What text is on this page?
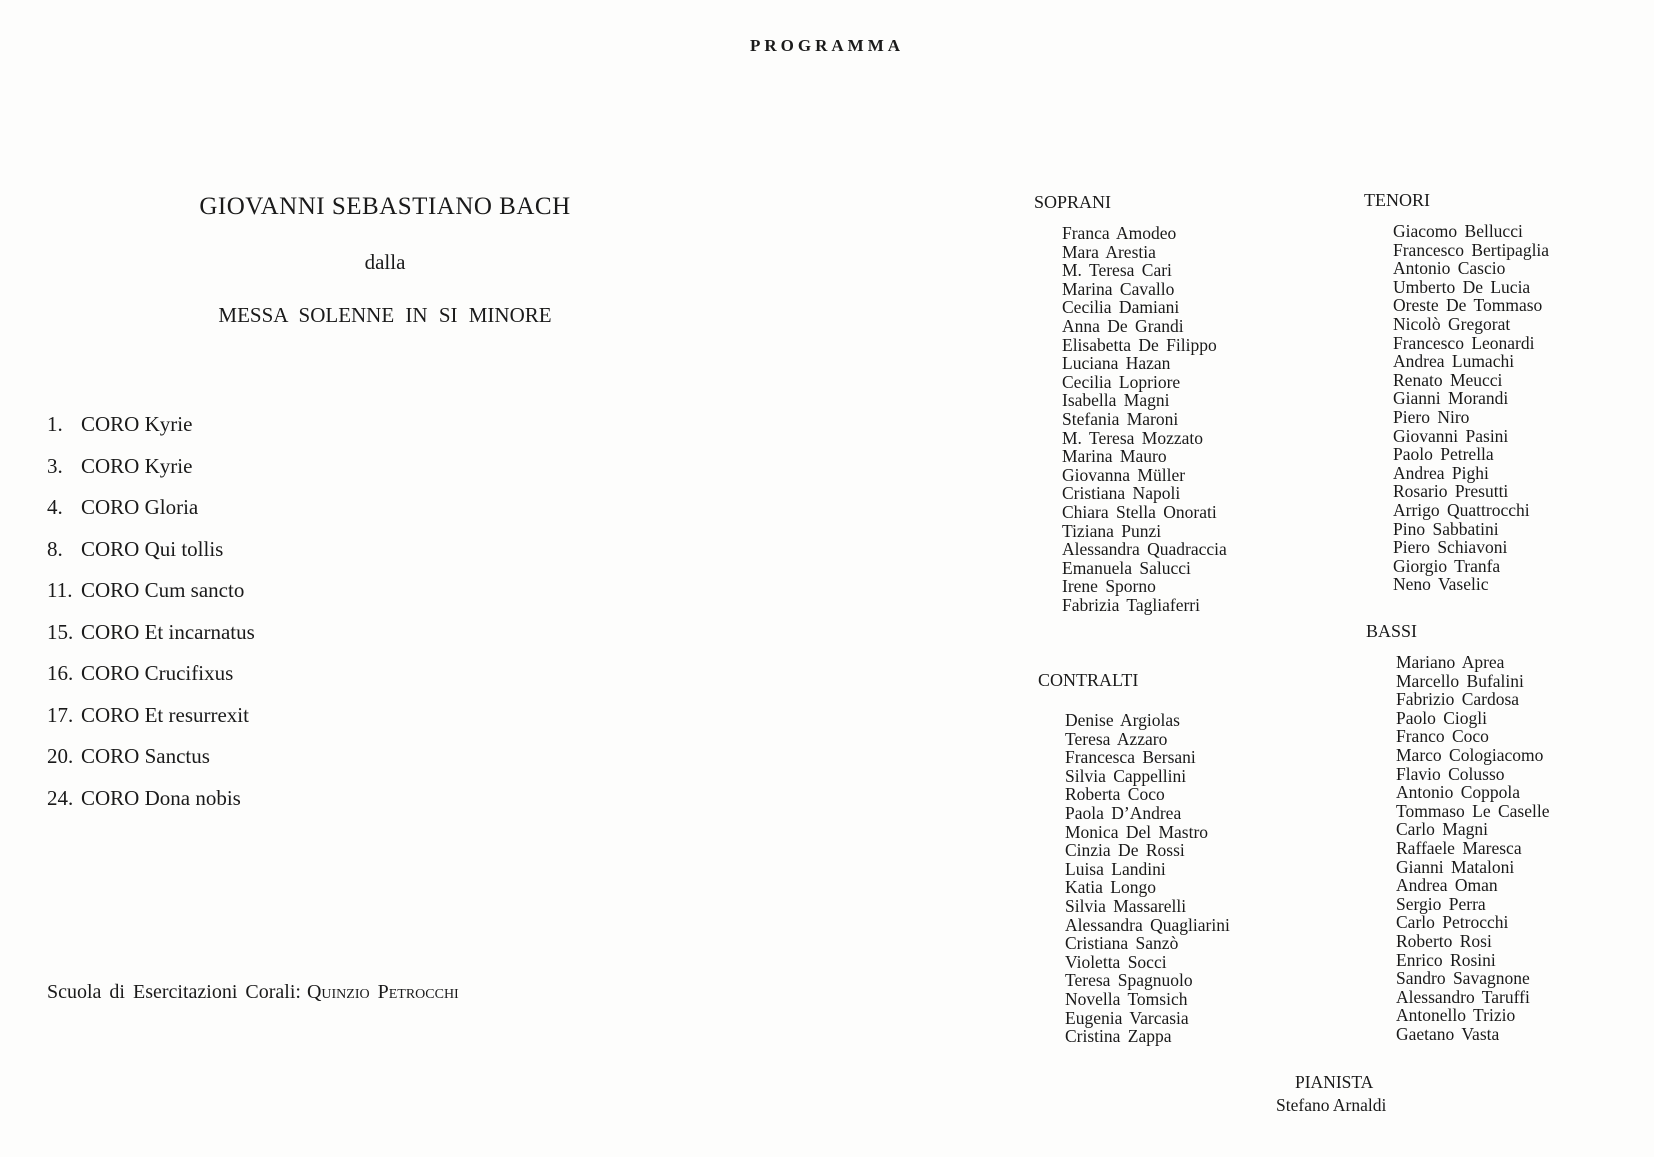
PROGRAMMA
GIOVANNI SEBASTIANO BACH
dalla
MESSA SOLENNE IN SI MINORE
1. CORO Kyrie
3. CORO Kyrie
4. CORO Gloria
8. CORO Qui tollis
11. CORO Cum sancto
15. CORO Et incarnatus
16. CORO Crucifixus
17. CORO Et resurrexit
20. CORO Sanctus
24. CORO Dona nobis
Scuola di Esercitazioni Corali: Quinzio Petrocchi
SOPRANI
Franca Amodeo
Mara Arestia
M. Teresa Cari
Marina Cavallo
Cecilia Damiani
Anna De Grandi
Elisabetta De Filippo
Luciana Hazan
Cecilia Lopriore
Isabella Magni
Stefania Maroni
M. Teresa Mozzato
Marina Mauro
Giovanna Müller
Cristiana Napoli
Chiara Stella Onorati
Tiziana Punzi
Alessandra Quadraccia
Emanuela Salucci
Irene Sporno
Fabrizia Tagliaferri
CONTRALTI
Denise Argiolas
Teresa Azzaro
Francesca Bersani
Silvia Cappellini
Roberta Coco
Paola D’Andrea
Monica Del Mastro
Cinzia De Rossi
Luisa Landini
Katia Longo
Silvia Massarelli
Alessandra Quagliarini
Cristiana Sanzò
Violetta Socci
Teresa Spagnuolo
Novella Tomsich
Eugenia Varcasia
Cristina Zappa
TENORI
Giacomo Bellucci
Francesco Bertipaglia
Antonio Cascio
Umberto De Lucia
Oreste De Tommaso
Nicolò Gregorat
Francesco Leonardi
Andrea Lumachi
Renato Meucci
Gianni Morandi
Piero Niro
Giovanni Pasini
Paolo Petrella
Andrea Pighi
Rosario Presutti
Arrigo Quattrocchi
Pino Sabbatini
Piero Schiavoni
Giorgio Tranfa
Neno Vaselic
BASSI
Mariano Aprea
Marcello Bufalini
Fabrizio Cardosa
Paolo Ciogli
Franco Coco
Marco Cologiacomo
Flavio Colusso
Antonio Coppola
Tommaso Le Caselle
Carlo Magni
Raffaele Maresca
Gianni Mataloni
Andrea Oman
Sergio Perra
Carlo Petrocchi
Roberto Rosi
Enrico Rosini
Sandro Savagnone
Alessandro Taruffi
Antonello Trizio
Gaetano Vasta
PIANISTA
Stefano Arnaldi
